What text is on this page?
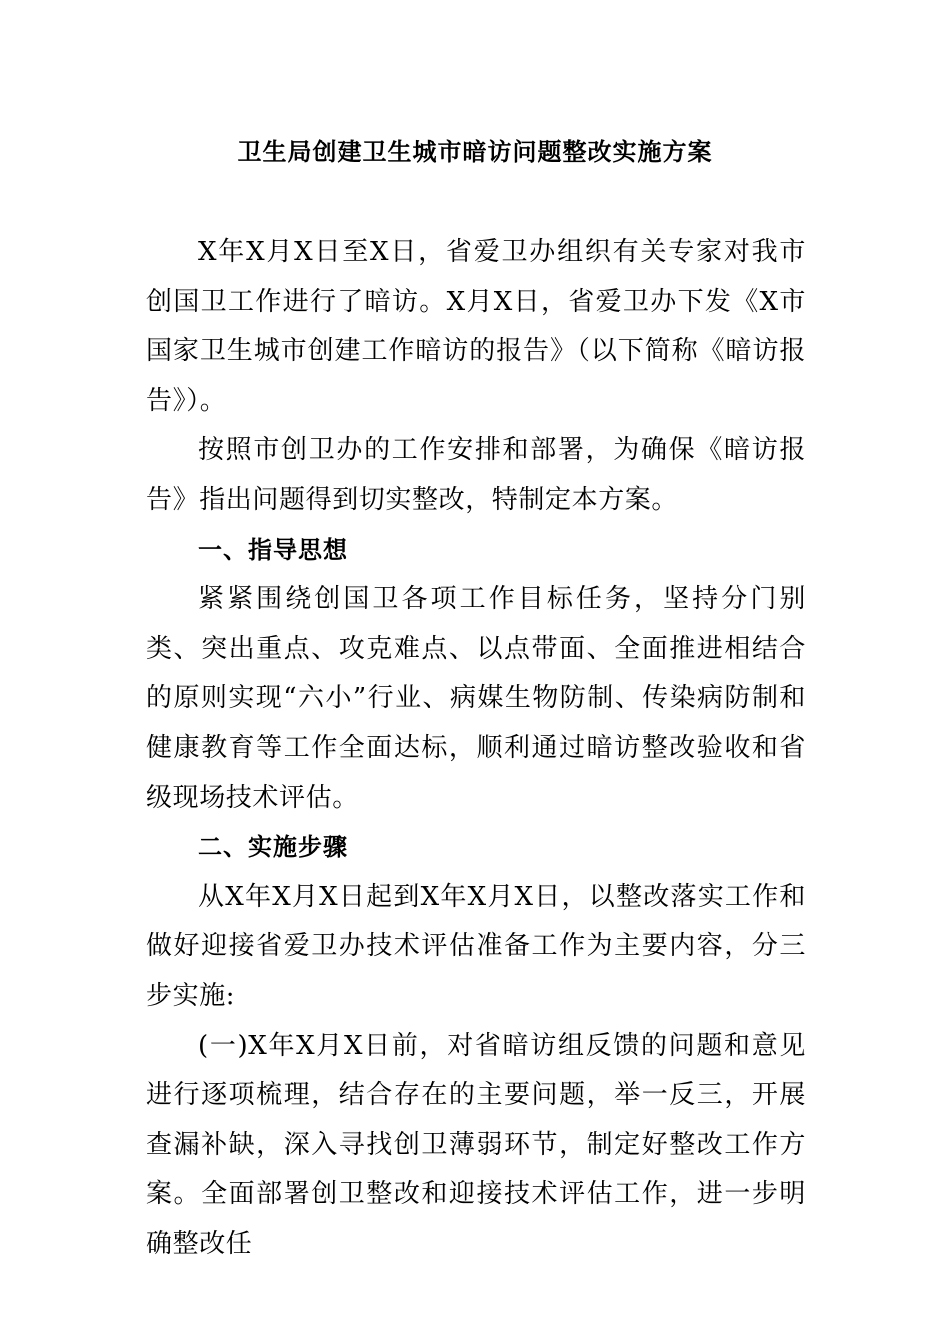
卫生局创建卫生城市暗访问题整改实施方案

X年X月X日至X日，省爱卫办组织有关专家对我市创国卫工作进行了暗访。X月X日，省爱卫办下发《X市国家卫生城市创建工作暗访的报告》（以下简称《暗访报告》）。

按照市创卫办的工作安排和部署，为确保《暗访报告》指出问题得到切实整改，特制定本方案。

一、指导思想

紧紧围绕创国卫各项工作目标任务，坚持分门别类、突出重点、攻克难点、以点带面、全面推进相结合的原则实现“六小”行业、病媒生物防制、传染病防制和健康教育等工作全面达标，顺利通过暗访整改验收和省级现场技术评估。

二、实施步骤

从X年X月X日起到X年X月X日，以整改落实工作和做好迎接省爱卫办技术评估准备工作为主要内容，分三步实施:

(一)X年X月X日前，对省暗访组反馈的问题和意见进行逐项梳理，结合存在的主要问题，举一反三，开展查漏补缺，深入寻找创卫薄弱环节，制定好整改工作方案。全面部署创卫整改和迎接技术评估工作，进一步明确整改任
